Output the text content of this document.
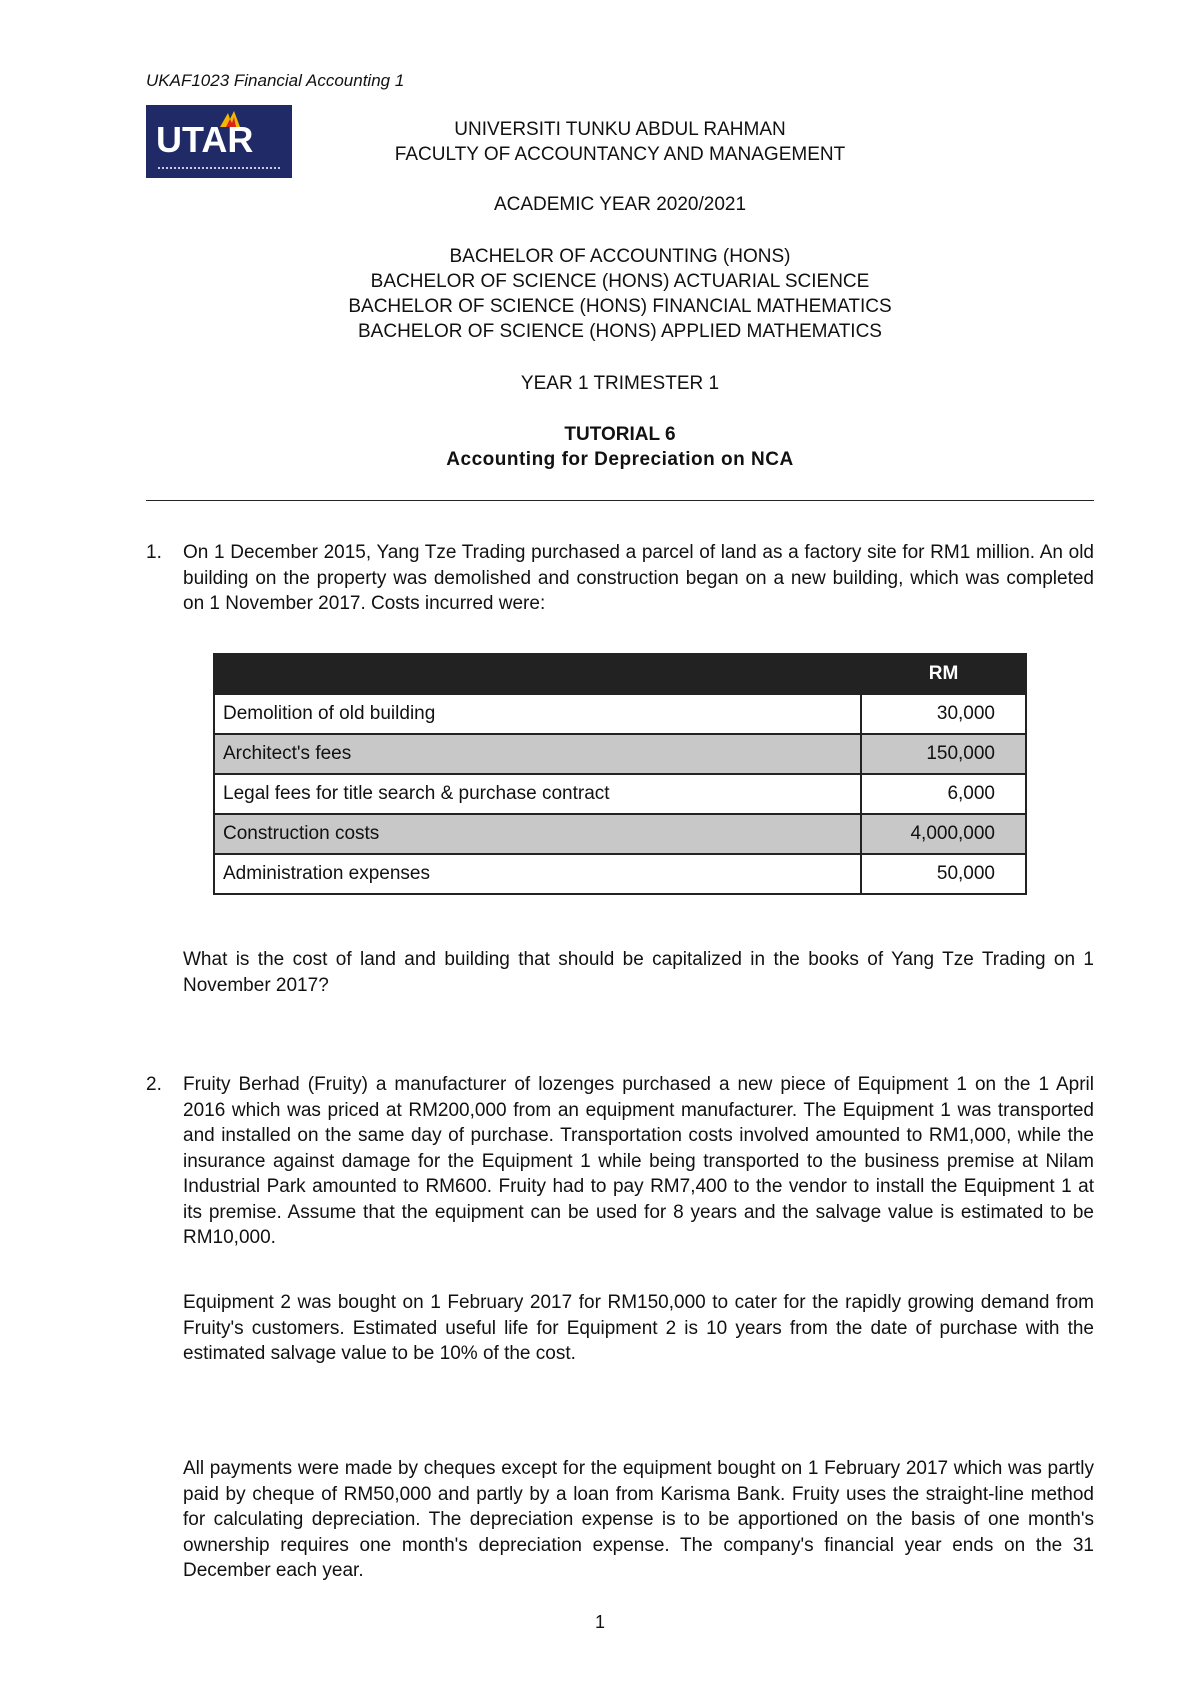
UKAF1023 Financial Accounting 1
UTAR	UNIVERSITI TUNKU ABDUL RAHMAN
FACULTY OF ACCOUNTANCY AND MANAGEMENT
ACADEMIC YEAR 2020/2021
BACHELOR OF ACCOUNTING (HONS)
BACHELOR OF SCIENCE (HONS) ACTUARIAL SCIENCE
BACHELOR OF SCIENCE (HONS) FINANCIAL MATHEMATICS
BACHELOR OF SCIENCE (HONS) APPLIED MATHEMATICS
YEAR 1 TRIMESTER 1
TUTORIAL 6
Accounting for Depreciation on NCA
1. On 1 December 2015, Yang Tze Trading purchased a parcel of land as a factory site for RM1 million. An old building on the property was demolished and construction began on a new building, which was completed on 1 November 2017. Costs incurred were:
	RM
Demolition of old building	30,000
Architect's fees	150,000
Legal fees for title search & purchase contract	6,000
Construction costs	4,000,000
Administration expenses	50,000
What is the cost of land and building that should be capitalized in the books of Yang Tze Trading on 1 November 2017?
2. Fruity Berhad (Fruity) a manufacturer of lozenges purchased a new piece of Equipment 1 on the 1 April 2016 which was priced at RM200,000 from an equipment manufacturer. The Equipment 1 was transported and installed on the same day of purchase. Transportation costs involved amounted to RM1,000, while the insurance against damage for the Equipment 1 while being transported to the business premise at Nilam Industrial Park amounted to RM600. Fruity had to pay RM7,400 to the vendor to install the Equipment 1 at its premise. Assume that the equipment can be used for 8 years and the salvage value is estimated to be RM10,000.
Equipment 2 was bought on 1 February 2017 for RM150,000 to cater for the rapidly growing demand from Fruity's customers. Estimated useful life for Equipment 2 is 10 years from the date of purchase with the estimated salvage value to be 10% of the cost.
All payments were made by cheques except for the equipment bought on 1 February 2017 which was partly paid by cheque of RM50,000 and partly by a loan from Karisma Bank. Fruity uses the straight-line method for calculating depreciation. The depreciation expense is to be apportioned on the basis of one month's ownership requires one month's depreciation expense. The company's financial year ends on the 31 December each year.
1
